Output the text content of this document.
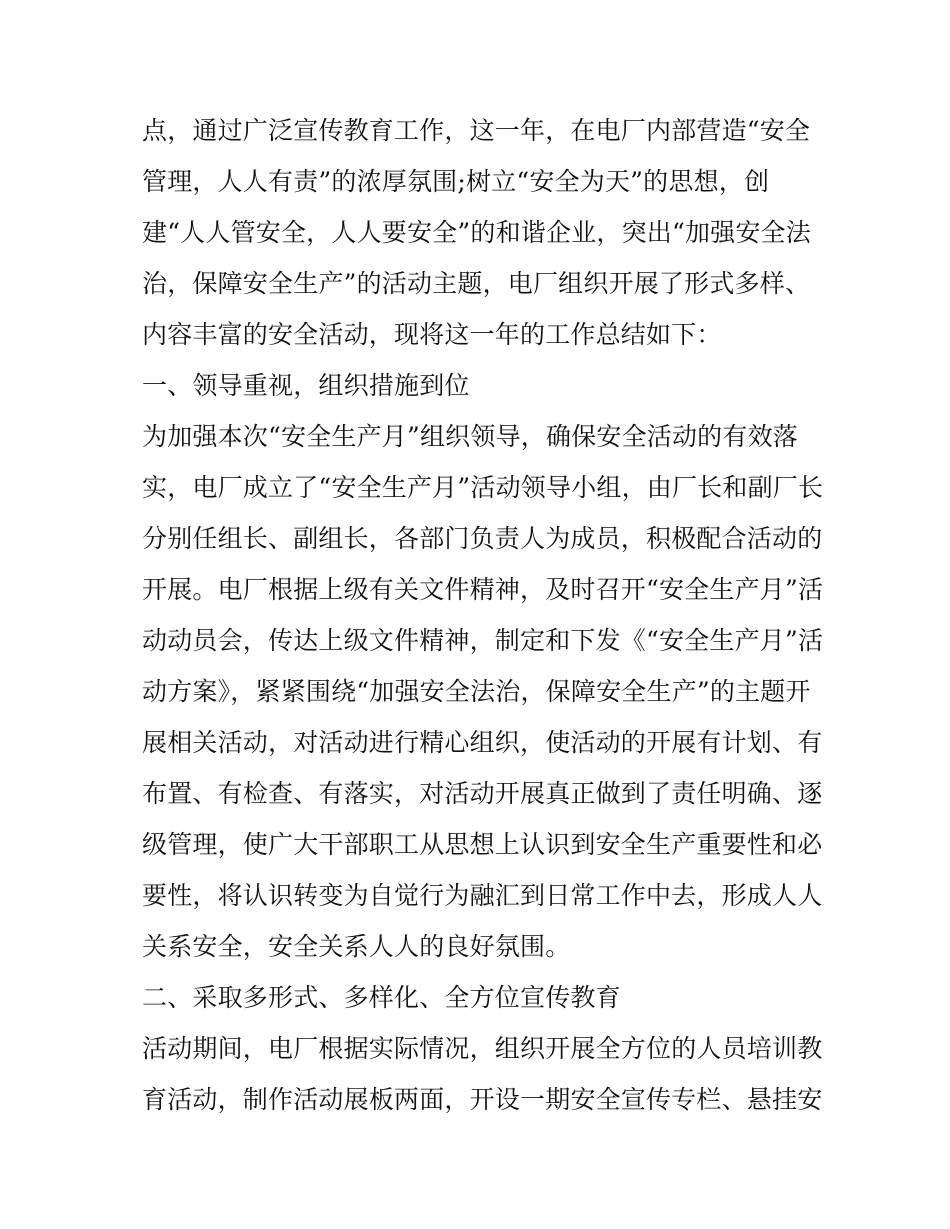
点，通过广泛宣传教育工作，这一年，在电厂内部营造“安全
管理，人人有责”的浓厚氛围;树立“安全为天”的思想，创
建“人人管安全，人人要安全”的和谐企业，突出“加强安全法
治，保障安全生产”的活动主题，电厂组织开展了形式多样、
内容丰富的安全活动，现将这一年的工作总结如下：
一、领导重视，组织措施到位
为加强本次“安全生产月”组织领导，确保安全活动的有效落
实，电厂成立了“安全生产月”活动领导小组，由厂长和副厂长
分别任组长、副组长，各部门负责人为成员，积极配合活动的
开展。电厂根据上级有关文件精神，及时召开“安全生产月”活
动动员会，传达上级文件精神，制定和下发《“安全生产月”活
动方案》，紧紧围绕“加强安全法治，保障安全生产”的主题开
展相关活动，对活动进行精心组织，使活动的开展有计划、有
布置、有检查、有落实，对活动开展真正做到了责任明确、逐
级管理，使广大干部职工从思想上认识到安全生产重要性和必
要性，将认识转变为自觉行为融汇到日常工作中去，形成人人
关系安全，安全关系人人的良好氛围。
二、采取多形式、多样化、全方位宣传教育
活动期间，电厂根据实际情况，组织开展全方位的人员培训教
育活动，制作活动展板两面，开设一期安全宣传专栏、悬挂安
